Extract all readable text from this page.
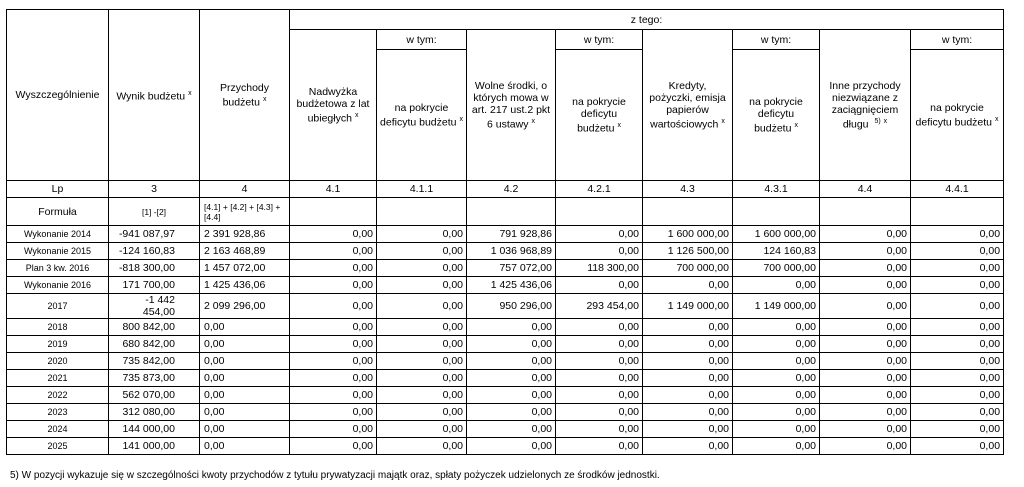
Wyszczególnienie	Wynik budżetu $^x$	Przychody budżetu $^x$	z tego:							
			Nadwyżka budżetowa z lat ubiegłych $^x$	w tym:	Wolne środki, o których mowa w art. 217 ust.2 pkt 6 ustawy $^x$	w tym:	Kredyty, pożyczki, emisja papierów wartościowych $^x$	w tym:	Inne przychody niezwiązane z zaciągnięciem długu $^{5)}$ $^x$	w tym:
				na pokrycie deficytu budżetu $^x$		na pokrycie deficytu budżetu $^x$		na pokrycie deficytu budżetu $^x$		na pokrycie deficytu budżetu $^x$
Lp	3	4	4.1	4.1.1	4.2	4.2.1	4.3	4.3.1	4.4	4.4.1
Formuła	[1] -[2]	[4.1] + [4.2] + [4.3] + [4.4]								
Wykonanie 2014	-941 087,97	2 391 928,86	0,00	0,00	791 928,86	0,00	1 600 000,00	1 600 000,00	0,00	0,00
Wykonanie 2015	-124 160,83	2 163 468,89	0,00	0,00	1 036 968,89	0,00	1 126 500,00	124 160,83	0,00	0,00
Plan 3 kw. 2016	-818 300,00	1 457 072,00	0,00	0,00	757 072,00	118 300,00	700 000,00	700 000,00	0,00	0,00
Wykonanie 2016	171 700,00	1 425 436,06	0,00	0,00	1 425 436,06	0,00	0,00	0,00	0,00	0,00
2017	-1 442 454,00	2 099 296,00	0,00	0,00	950 296,00	293 454,00	1 149 000,00	1 149 000,00	0,00	0,00
2018	800 842,00	0,00	0,00	0,00	0,00	0,00	0,00	0,00	0,00	0,00
2019	680 842,00	0,00	0,00	0,00	0,00	0,00	0,00	0,00	0,00	0,00
2020	735 842,00	0,00	0,00	0,00	0,00	0,00	0,00	0,00	0,00	0,00
2021	735 873,00	0,00	0,00	0,00	0,00	0,00	0,00	0,00	0,00	0,00
2022	562 070,00	0,00	0,00	0,00	0,00	0,00	0,00	0,00	0,00	0,00
2023	312 080,00	0,00	0,00	0,00	0,00	0,00	0,00	0,00	0,00	0,00
2024	144 000,00	0,00	0,00	0,00	0,00	0,00	0,00	0,00	0,00	0,00
2025	141 000,00	0,00	0,00	0,00	0,00	0,00	0,00	0,00	0,00	0,00
5) W pozycji wykazuje się w szczególności kwoty przychodów z tytułu prywatyzacji majątk oraz, spłaty pożyczek udzielonych ze środków jednostki.
